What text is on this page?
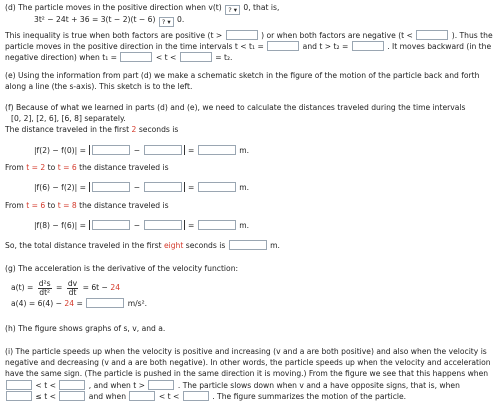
(d) The particle moves in the positive direction when v(t) ? ▾ 0, that is,
3t² − 24t + 36 = 3(t − 2)(t − 6) ? ▾ 0.
This inequality is true when both factors are positive (t >	) or when both factors are negative (t <	). Thus the
particle moves in the positive direction in the time intervals t < t₁ =	and t > t₂ =	. It moves backward (in the
negative direction) when t₁ =	< t <	= t₂.
(e) Using the information from part (d) we make a schematic sketch in the figure of the motion of the particle back and forth
along a line (the s-axis). This sketch is to the left.
(f) Because of what we learned in parts (d) and (e), we need to calculate the distances traveled during the time intervals
[0, 2], [2, 6], [6, 8] separately.
The distance traveled in the first 2 seconds is
|f(2) − f(0)| =	−	=	m.
From t = 2 to t = 6 the distance traveled is
|f(6) − f(2)| =	−	=	m.
From t = 6 to t = 8 the distance traveled is
|f(8) − f(6)| =	−	=	m.
So, the total distance traveled in the first eight seconds is	m.
(g) The acceleration is the derivative of the velocity function:
$a(t) = \frac{\text{d²s}}{\text{dt²}} = \frac{dv}{dt} = 6t - 24$
a(4) = 6(4) − 24 =	m/s².
(h) The figure shows graphs of s, v, and a.
(i) The particle speeds up when the velocity is positive and increasing (v and a are both positive) and also when the velocity is
negative and decreasing (v and a are both negative). In other words, the particle speeds up when the velocity and acceleration
have the same sign. (The particle is pushed in the same direction it is moving.) From the figure we see that this happens when
< t <	, and when t >	. The particle slows down when v and a have opposite signs, that is, when
≤ t <	and when	< t <	. The figure summarizes the motion of the particle.
